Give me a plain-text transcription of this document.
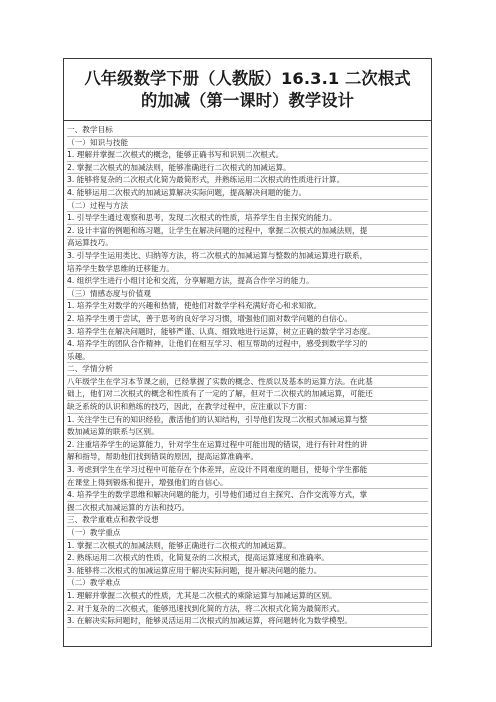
八年级数学下册（人教版）16.3.1 二次根式
的加减（第一课时）教学设计
一、教学目标
（一）知识与技能
1. 理解并掌握二次根式的概念，能够正确书写和识别二次根式。
2. 掌握二次根式的加减法则，能够准确进行二次根式的加减运算。
3. 能够将复杂的二次根式化简为最简形式，并熟练运用二次根式的性质进行计算。
4. 能够运用二次根式的加减运算解决实际问题，提高解决问题的能力。
（二）过程与方法
1. 引导学生通过观察和思考，发现二次根式的性质，培养学生自主探究的能力。
2. 设计丰富的例题和练习题，让学生在解决问题的过程中，掌握二次根式的加减法则，提
高运算技巧。
3. 引导学生运用类比、归纳等方法，将二次根式的加减运算与整数的加减运算进行联系，
培养学生数学思维的迁移能力。
4. 组织学生进行小组讨论和交流，分享解题方法，提高合作学习的能力。
（三）情感态度与价值观
1. 培养学生对数学的兴趣和热情，使他们对数学学科充满好奇心和求知欲。
2. 培养学生勇于尝试，善于思考的良好学习习惯，增强他们面对数学问题的自信心。
3. 培养学生在解决问题时，能够严谨、认真、细致地进行运算，树立正确的数学学习态度。
4. 培养学生的团队合作精神，让他们在相互学习、相互帮助的过程中，感受到数学学习的
乐趣。
二、学情分析
八年级学生在学习本节课之前，已经掌握了实数的概念、性质以及基本的运算方法。在此基
础上，他们对二次根式的概念和性质有了一定的了解，但对于二次根式的加减运算，可能还
缺乏系统的认识和熟练的技巧，因此，在教学过程中，应注重以下方面：
1. 关注学生已有的知识经验，激活他们的认知结构，引导他们发现二次根式加减运算与整
数加减运算的联系与区别。
2. 注重培养学生的运算能力，针对学生在运算过程中可能出现的错误，进行有针对性的讲
解和指导，帮助他们找到错误的原因，提高运算准确率。
3. 考虑到学生在学习过程中可能存在个体差异，应设计不同难度的题目，使每个学生都能
在课堂上得到锻炼和提升，增强他们的自信心。
4. 培养学生的数学思维和解决问题的能力，引导他们通过自主探究、合作交流等方式，掌
握二次根式加减运算的方法和技巧。
三、教学重难点和教学设想
（一）教学重点
1. 掌握二次根式的加减法则，能够正确进行二次根式的加减运算。
2. 熟练运用二次根式的性质，化简复杂的二次根式，提高运算速度和准确率。
3. 能够将二次根式的加减运算应用于解决实际问题，提升解决问题的能力。
（二）教学难点
1. 理解并掌握二次根式的性质，尤其是二次根式的乘除运算与加减运算的区别。
2. 对于复杂的二次根式，能够迅速找到化简的方法，将二次根式化简为最简形式。
3. 在解决实际问题时，能够灵活运用二次根式的加减运算，将问题转化为数学模型。
